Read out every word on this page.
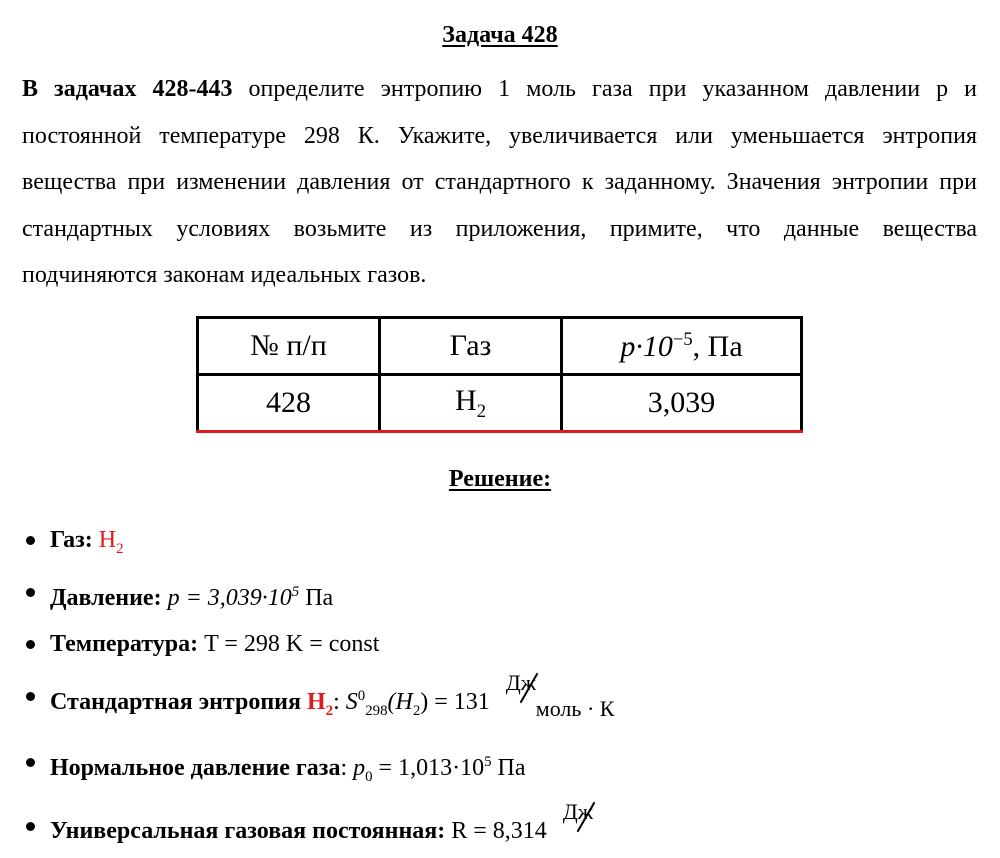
Задача 428
В задачах 428-443 определите энтропию 1 моль газа при указанном давлении р и постоянной температуре 298 К. Укажите, увеличивается или уменьшается энтропия вещества при изменении давления от стандартного к заданному. Значения энтропии при стандартных условиях возьмите из приложения, примите, что данные вещества подчиняются законам идеальных газов.
№ п/п	Газ	$p\cdot 10^{-5}$, Па
428	$H_2$	3,039
Решение:
Газ: $H_2$
Давление: $p = 3,039\cdot 10^5$ Па
Температура: T = 298 K = const
Стандартная энтропия $H_2$: $S^0_{298}(H_2) = 131$
Дж
моль · К
Нормальное давление газа: $p_0 = 1,013\cdot 10^5$ Па
Универсальная газовая постоянная: R = 8,314
Дж
